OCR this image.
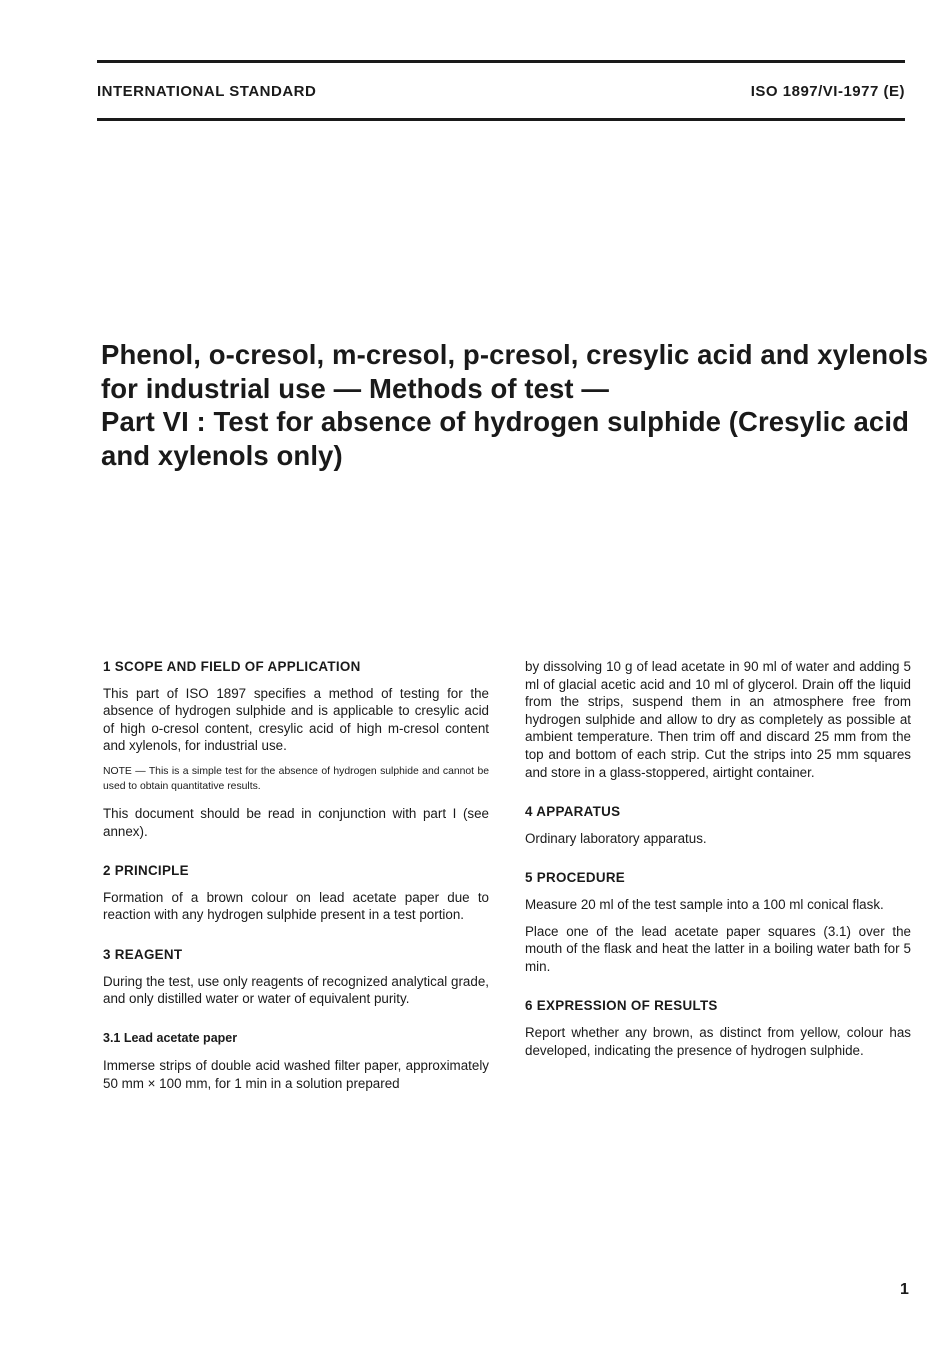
INTERNATIONAL STANDARD	ISO 1897/VI-1977 (E)
Phenol, o-cresol, m-cresol, p-cresol, cresylic acid and xylenols
for industrial use — Methods of test —
Part VI : Test for absence of hydrogen sulphide (Cresylic acid
and xylenols only)
1 SCOPE AND FIELD OF APPLICATION

This part of ISO 1897 specifies a method of testing for the absence of hydrogen sulphide and is applicable to cresylic acid of high o-cresol content, cresylic acid of high m-cresol content and xylenols, for industrial use.

NOTE — This is a simple test for the absence of hydrogen sulphide and cannot be used to obtain quantitative results.

This document should be read in conjunction with part I (see annex).

2 PRINCIPLE

Formation of a brown colour on lead acetate paper due to reaction with any hydrogen sulphide present in a test portion.

3 REAGENT

During the test, use only reagents of recognized analytical grade, and only distilled water or water of equivalent purity.

3.1 Lead acetate paper

Immerse strips of double acid washed filter paper, approximately 50 mm × 100 mm, for 1 min in a solution prepared

by dissolving 10 g of lead acetate in 90 ml of water and adding 5 ml of glacial acetic acid and 10 ml of glycerol. Drain off the liquid from the strips, suspend them in an atmosphere free from hydrogen sulphide and allow to dry as completely as possible at ambient temperature. Then trim off and discard 25 mm from the top and bottom of each strip. Cut the strips into 25 mm squares and store in a glass-stoppered, airtight container.

4 APPARATUS

Ordinary laboratory apparatus.

5 PROCEDURE

Measure 20 ml of the test sample into a 100 ml conical flask.

Place one of the lead acetate paper squares (3.1) over the mouth of the flask and heat the latter in a boiling water bath for 5 min.

6 EXPRESSION OF RESULTS

Report whether any brown, as distinct from yellow, colour has developed, indicating the presence of hydrogen sulphide.

1
